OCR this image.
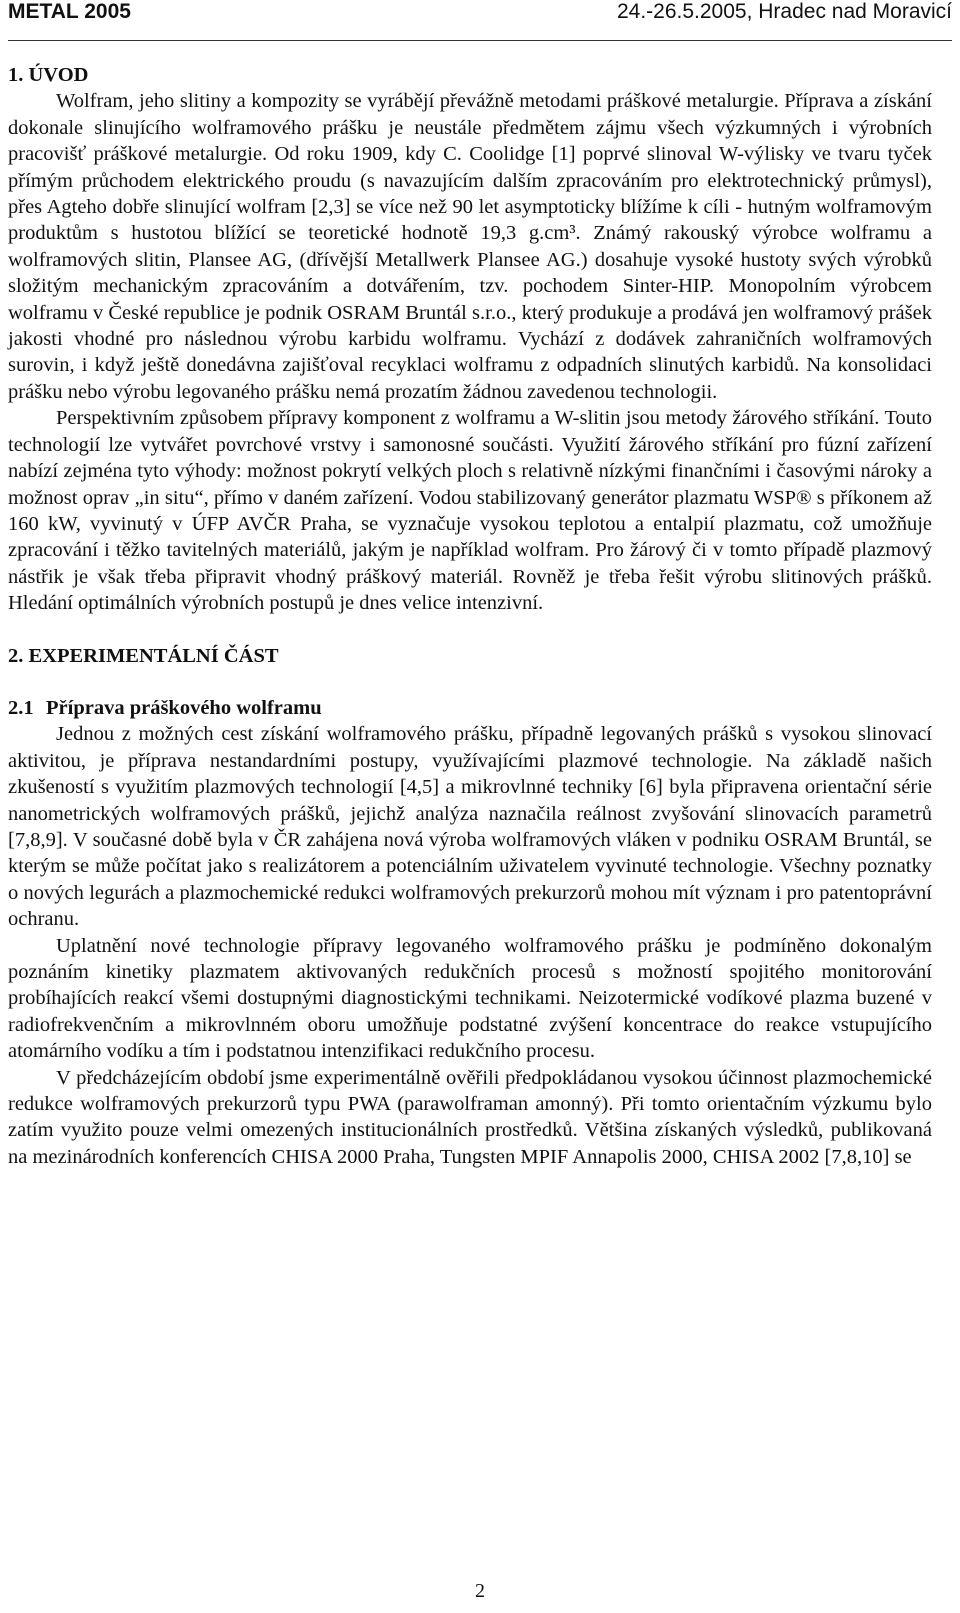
METAL 2005	24.-26.5.2005, Hradec nad Moravicí
1. ÚVOD

Wolfram, jeho slitiny a kompozity se vyrábějí převážně metodami práškové metalurgie. Příprava a získání dokonale slinujícího wolframového prášku je neustále předmětem zájmu všech výzkumných i výrobních pracovišť práškové metalurgie. Od roku 1909, kdy C. Coolidge [1] poprvé slinoval W-výlisky ve tvaru tyček přímým průchodem elektrického proudu (s navazujícím dalším zpracováním pro elektrotechnický průmysl), přes Agteho dobře slinující wolfram [2,3] se více než 90 let asymptoticky blížíme k cíli - hutným wolframovým produktům s hustotou blížící se teoretické hodnotě 19,3 g.cm³. Známý rakouský výrobce wolframu a wolframových slitin, Plansee AG, (dřívější Metallwerk Plansee AG.) dosahuje vysoké hustoty svých výrobků složitým mechanickým zpracováním a dotvářením, tzv. pochodem Sinter-HIP. Monopolním výrobcem wolframu v České republice je podnik OSRAM Bruntál s.r.o., který produkuje a prodává jen wolframový prášek jakosti vhodné pro následnou výrobu karbidu wolframu. Vychází z dodávek zahraničních wolframových surovin, i když ještě donedávna zajišťoval recyklaci wolframu z odpadních slinutých karbidů. Na konsolidaci prášku nebo výrobu legovaného prášku nemá prozatím žádnou zavedenou technologii.

Perspektivním způsobem přípravy komponent z wolframu a W-slitin jsou metody žárového stříkání. Touto technologií lze vytvářet povrchové vrstvy i samonosné součásti. Využití žárového stříkání pro fúzní zařízení nabízí zejména tyto výhody: možnost pokrytí velkých ploch s relativně nízkými finančními i časovými nároky a možnost oprav „in situ“, přímo v daném zařízení. Vodou stabilizovaný generátor plazmatu WSP® s příkonem až 160 kW, vyvinutý v ÚFP AVČR Praha, se vyznačuje vysokou teplotou a entalpií plazmatu, což umožňuje zpracování i těžko tavitelných materiálů, jakým je například wolfram. Pro žárový či v tomto případě plazmový nástřik je však třeba připravit vhodný práškový materiál. Rovněž je třeba řešit výrobu slitinových prášků. Hledání optimálních výrobních postupů je dnes velice intenzivní.

2. EXPERIMENTÁLNÍ ČÁST
2.1 Příprava práškového wolframu

Jednou z možných cest získání wolframového prášku, případně legovaných prášků s vysokou slinovací aktivitou, je příprava nestandardními postupy, využívajícími plazmové technologie. Na základě našich zkušeností s využitím plazmových technologií [4,5] a mikrovlnné techniky [6] byla připravena orientační série nanometrických wolframových prášků, jejichž analýza naznačila reálnost zvyšování slinovacích parametrů [7,8,9]. V současné době byla v ČR zahájena nová výroba wolframových vláken v podniku OSRAM Bruntál, se kterým se může počítat jako s realizátorem a potenciálním uživatelem vyvinuté technologie. Všechny poznatky o nových legurách a plazmochemické redukci wolframových prekurzorů mohou mít význam i pro patentoprávní ochranu.

Uplatnění nové technologie přípravy legovaného wolframového prášku je podmíněno dokonalým poznáním kinetiky plazmatem aktivovaných redukčních procesů s možností spojitého monitorování probíhajících reakcí všemi dostupnými diagnostickými technikami. Neizotermické vodíkové plazma buzené v radiofrekvenčním a mikrovlnném oboru umožňuje podstatné zvýšení koncentrace do reakce vstupujícího atomárního vodíku a tím i podstatnou intenzifikaci redukčního procesu.

V předcházejícím období jsme experimentálně ověřili předpokládanou vysokou účinnost plazmochemické redukce wolframových prekurzorů typu PWA (parawolframan amonný). Při tomto orientačním výzkumu bylo zatím využito pouze velmi omezených institucionálních prostředků. Většina získaných výsledků, publikovaná na mezinárodních konferencích CHISA 2000 Praha, Tungsten MPIF Annapolis 2000, CHISA 2002 [7,8,10] se

2
